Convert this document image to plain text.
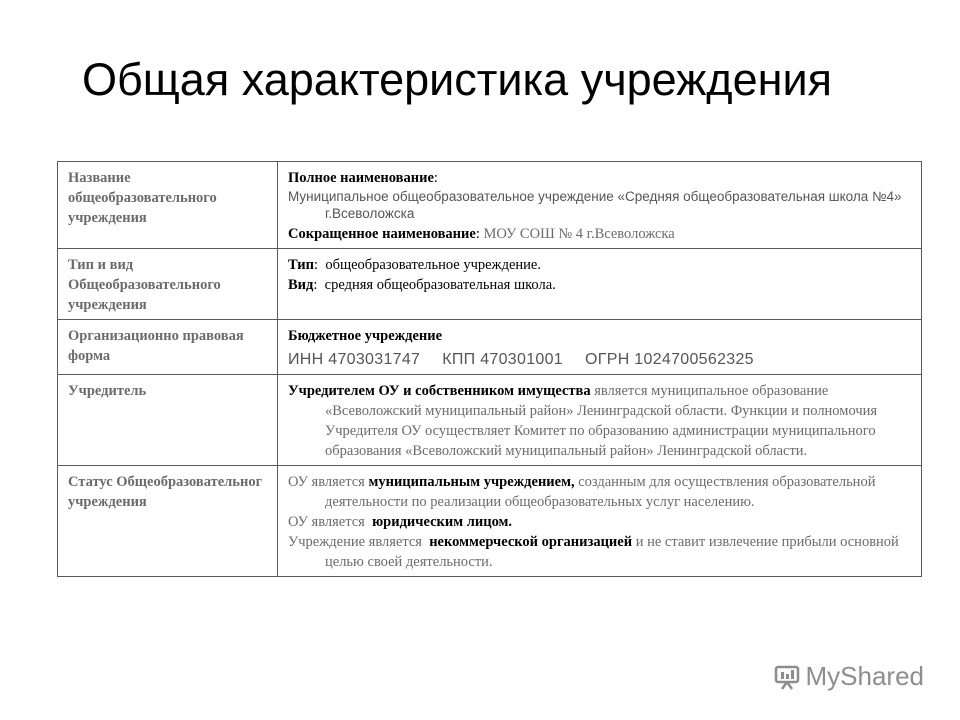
Общая характеристика учреждения
Название общеобразовательного учреждения	Полное наименование:
Муниципальное общеобразовательное учреждение «Средняя общеобразовательная школа №4» г.Всеволожска
Сокращенное наименование: МОУ СОШ № 4 г.Всеволожска

Тип и вид Общеобразовательного учреждения	Тип:  общеобразовательное учреждение.
Вид:  средняя общеобразовательная школа.

Организационно правовая форма	Бюджетное учреждение
ИНН 4703031747 КПП 470301001 ОГРН 1024700562325

Учредитель	Учредителем ОУ и собственником имущества является муниципальное образование «Всеволожский муниципальный район» Ленинградской области. Функции и полномочия Учредителя ОУ осуществляет Комитет по образованию администрации муниципального образования «Всеволожский муниципальный район» Ленинградской области.
Статус Общеобразовательног учреждения	ОУ является муниципальным учреждением, созданным для осуществления образовательной деятельности по реализации общеобразовательных услуг населению.
ОУ является юридическим лицом.
Учреждение является некоммерческой организацией и не ставит извлечение прибыли основной целью своей деятельности.
MyShared
